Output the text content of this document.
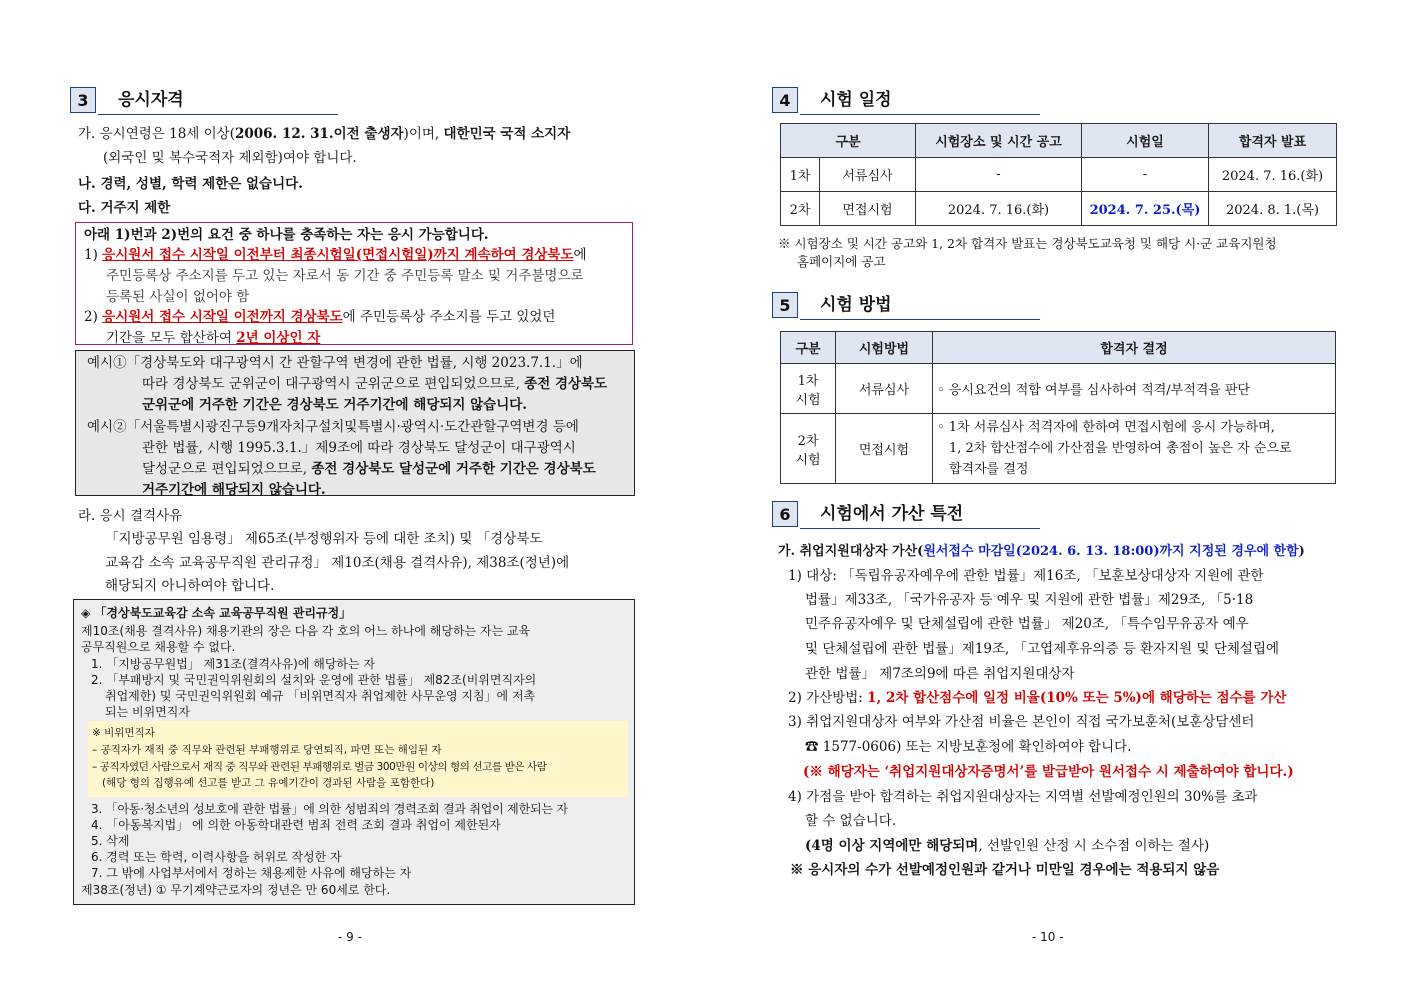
3	응시자격
가. 응시연령은 18세 이상(2006. 12. 31.이전 출생자)이며, 대한민국 국적 소지자
(외국인 및 복수국적자 제외함)여야 합니다.
나. 경력, 성별, 학력 제한은 없습니다.
다. 거주지 제한
아래 1)번과 2)번의 요건 중 하나를 충족하는 자는 응시 가능합니다.
1) 응시원서 접수 시작일 이전부터 최종시험일(면접시험일)까지 계속하여 경상북도에
주민등록상 주소지를 두고 있는 자로서 동 기간 중 주민등록 말소 및 거주불명으로
등록된 사실이 없어야 함
2) 응시원서 접수 시작일 이전까지 경상북도에 주민등록상 주소지를 두고 있었던
기간을 모두 합산하여 2년 이상인 자
예시①「경상북도와 대구광역시 간 관할구역 변경에 관한 법률, 시행 2023.7.1.」에
따라 경상북도 군위군이 대구광역시 군위군으로 편입되었으므로, 종전 경상북도
군위군에 거주한 기간은 경상북도 거주기간에 해당되지 않습니다.
예시②「서울특별시광진구등9개자치구설치및특별시·광역시·도간관할구역변경 등에
관한 법률, 시행 1995.3.1.」제9조에 따라 경상북도 달성군이 대구광역시
달성군으로 편입되었으므로, 종전 경상북도 달성군에 거주한 기간은 경상북도
거주기간에 해당되지 않습니다.
라. 응시 결격사유
「지방공무원 임용령」 제65조(부정행위자 등에 대한 조치) 및 「경상북도
교육감 소속 교육공무직원 관리규정」 제10조(채용 결격사유), 제38조(정년)에
해당되지 아니하여야 합니다.
◈ 「경상북도교육감 소속 교육공무직원 관리규정」
제10조(채용 결격사유) 채용기관의 장은 다음 각 호의 어느 하나에 해당하는 자는 교육
공무직원으로 채용할 수 없다.
1. 「지방공무원법」 제31조(결격사유)에 해당하는 자
2. 「부패방지 및 국민권익위원회의 설치와 운영에 관한 법률」 제82조(비위면직자의
취업제한) 및 국민권익위원회 예규 「비위면직자 취업제한 사무운영 지침」에 저촉
되는 비위면직자
※ 비위면직자
– 공직자가 재직 중 직무와 관련된 부패행위로 당연퇴직, 파면 또는 해임된 자
– 공직자였던 사람으로서 재직 중 직무와 관련된 부패행위로 벌금 300만원 이상의 형의 선고를 받은 사람
(해당 형의 집행유예 선고를 받고 그 유예기간이 경과된 사람을 포함한다)
3. 「아동·청소년의 성보호에 관한 법률」에 의한 성범죄의 경력조회 결과 취업이 제한되는 자
4. 「아동복지법」 에 의한 아동학대관련 범죄 전력 조회 결과 취업이 제한된자
5. 삭제
6. 경력 또는 학력, 이력사항을 허위로 작성한 자
7. 그 밖에 사업부서에서 정하는 채용제한 사유에 해당하는 자
제38조(정년) ① 무기계약근로자의 정년은 만 60세로 한다.
- 9 -
4	시험 일정
구분		시험장소 및 시간 공고	시험일	합격자 발표
1차	서류심사	-	-	2024. 7. 16.(화)
2차	면접시험	2024. 7. 16.(화)	2024. 7. 25.(목)	2024. 8. 1.(목)
※ 시험장소 및 시간 공고와 1, 2차 합격자 발표는 경상북도교육청 및 해당 시·군 교육지원청
홈페이지에 공고
5	시험 방법
구분	시험방법	합격자 결정
1차
시험	서류심사	◦ 응시요건의 적합 여부를 심사하여 적격/부적격을 판단
2차
시험	면접시험	◦ 1차 서류심사 적격자에 한하여 면접시험에 응시 가능하며,
1, 2차 합산점수에 가산점을 반영하여 총점이 높은 자 순으로
합격자를 결정
6	시험에서 가산 특전
가. 취업지원대상자 가산(원서접수 마감일(2024. 6. 13. 18:00)까지 지정된 경우에 한함)
1) 대상: 「독립유공자예우에 관한 법률」제16조, 「보훈보상대상자 지원에 관한
법률」제33조, 「국가유공자 등 예우 및 지원에 관한 법률」제29조, 「5·18
민주유공자예우 및 단체설립에 관한 법률」 제20조, 「특수임무유공자 예우
및 단체설립에 관한 법률」제19조, 「고엽제후유의증 등 환자지원 및 단체설립에
관한 법률」 제7조의9에 따른 취업지원대상자
2) 가산방법: 1, 2차 합산점수에 일정 비율(10% 또는 5%)에 해당하는 점수를 가산
3) 취업지원대상자 여부와 가산점 비율은 본인이 직접 국가보훈처(보훈상담센터
☎ 1577-0606) 또는 지방보훈청에 확인하여야 합니다.
(※ 해당자는 ‘취업지원대상자증명서’를 발급받아 원서접수 시 제출하여야 합니다.)
4) 가점을 받아 합격하는 취업지원대상자는 지역별 선발예정인원의 30%를 초과
할 수 없습니다.
(4명 이상 지역에만 해당되며, 선발인원 산정 시 소수점 이하는 절사)
※ 응시자의 수가 선발예정인원과 같거나 미만일 경우에는 적용되지 않음
- 10 -
